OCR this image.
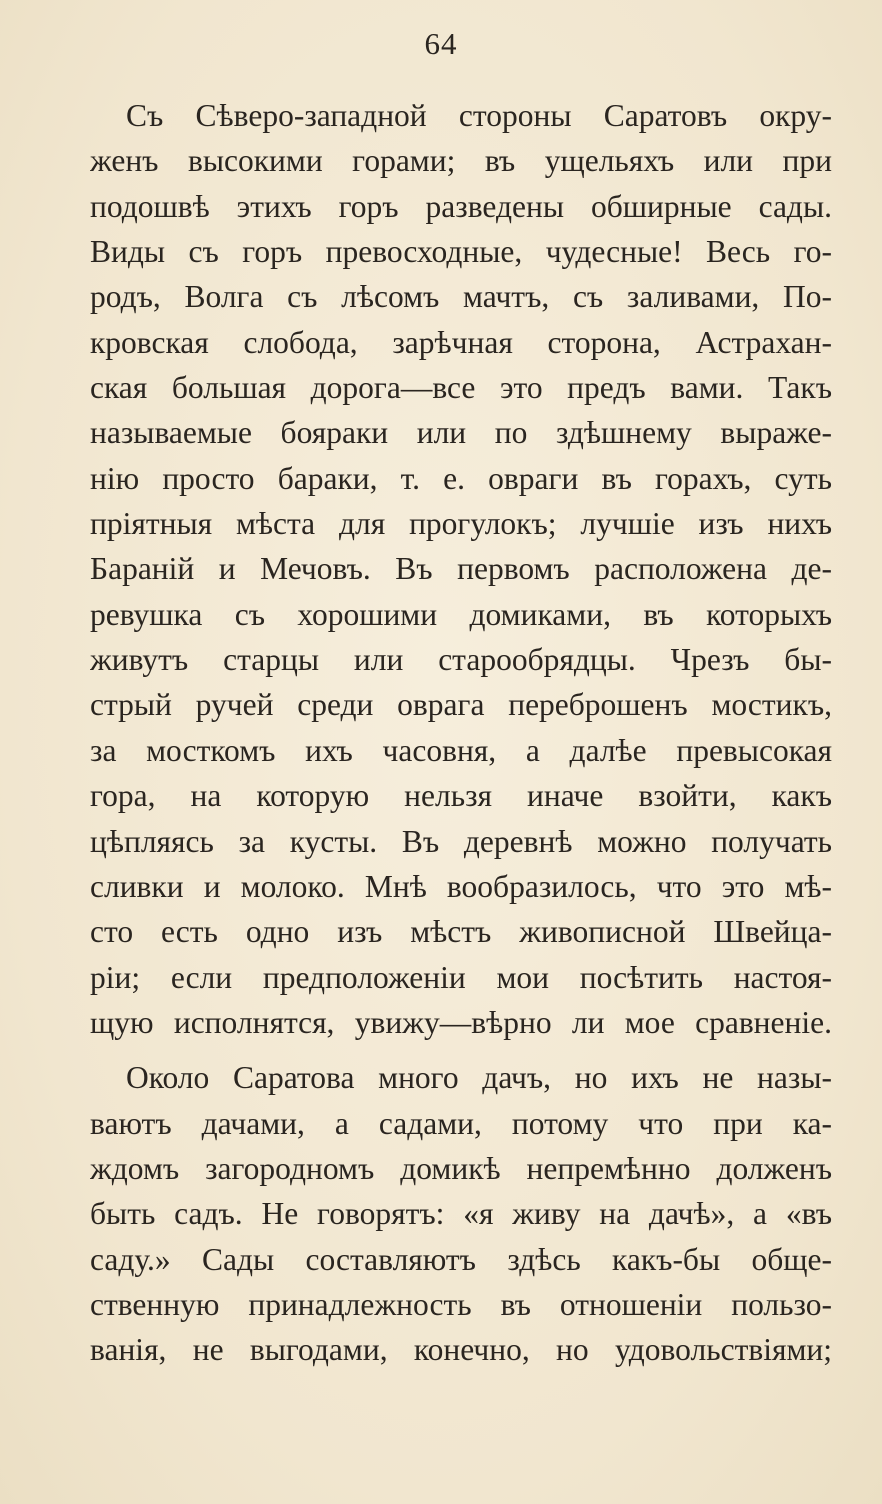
64
Съ Сѣверо-западной стороны Саратовъ окру-
женъ высокими горами; въ ущельяхъ или при
подошвѣ этихъ горъ разведены обширные сады.
Виды съ горъ превосходные, чудесные! Весь го-
родъ, Волга съ лѣсомъ мачтъ, съ заливами, По-
кровская слобода, зарѣчная сторона, Астрахан-
ская большая дорога—все это предъ вами. Такъ
называемые бояраки или по здѣшнему выраже-
нію просто бараки, т. е. овраги въ горахъ, суть
пріятныя мѣста для прогулокъ; лучшіе изъ нихъ
Бараній и Мечовъ. Въ первомъ расположена де-
ревушка съ хорошими домиками, въ которыхъ
живутъ старцы или старообрядцы. Чрезъ бы-
стрый ручей среди оврага переброшенъ мостикъ,
за мосткомъ ихъ часовня, а далѣе превысокая
гора, на которую нельзя иначе взойти, какъ
цѣпляясь за кусты. Въ деревнѣ можно получать
сливки и молоко. Мнѣ вообразилось, что это мѣ-
сто есть одно изъ мѣстъ живописной Швейца-
ріи; если предположеніи мои посѣтить настоя-
щую исполнятся, увижу—вѣрно ли мое сравненіе.
Около Саратова много дачъ, но ихъ не назы-
ваютъ дачами, а садами, потому что при ка-
ждомъ загородномъ домикѣ непремѣнно долженъ
быть садъ. Не говорятъ: «я живу на дачѣ», а «въ
саду.» Сады составляютъ здѣсь какъ-бы обще-
ственную принадлежность въ отношеніи пользо-
ванія, не выгодами, конечно, но удовольствіями;
